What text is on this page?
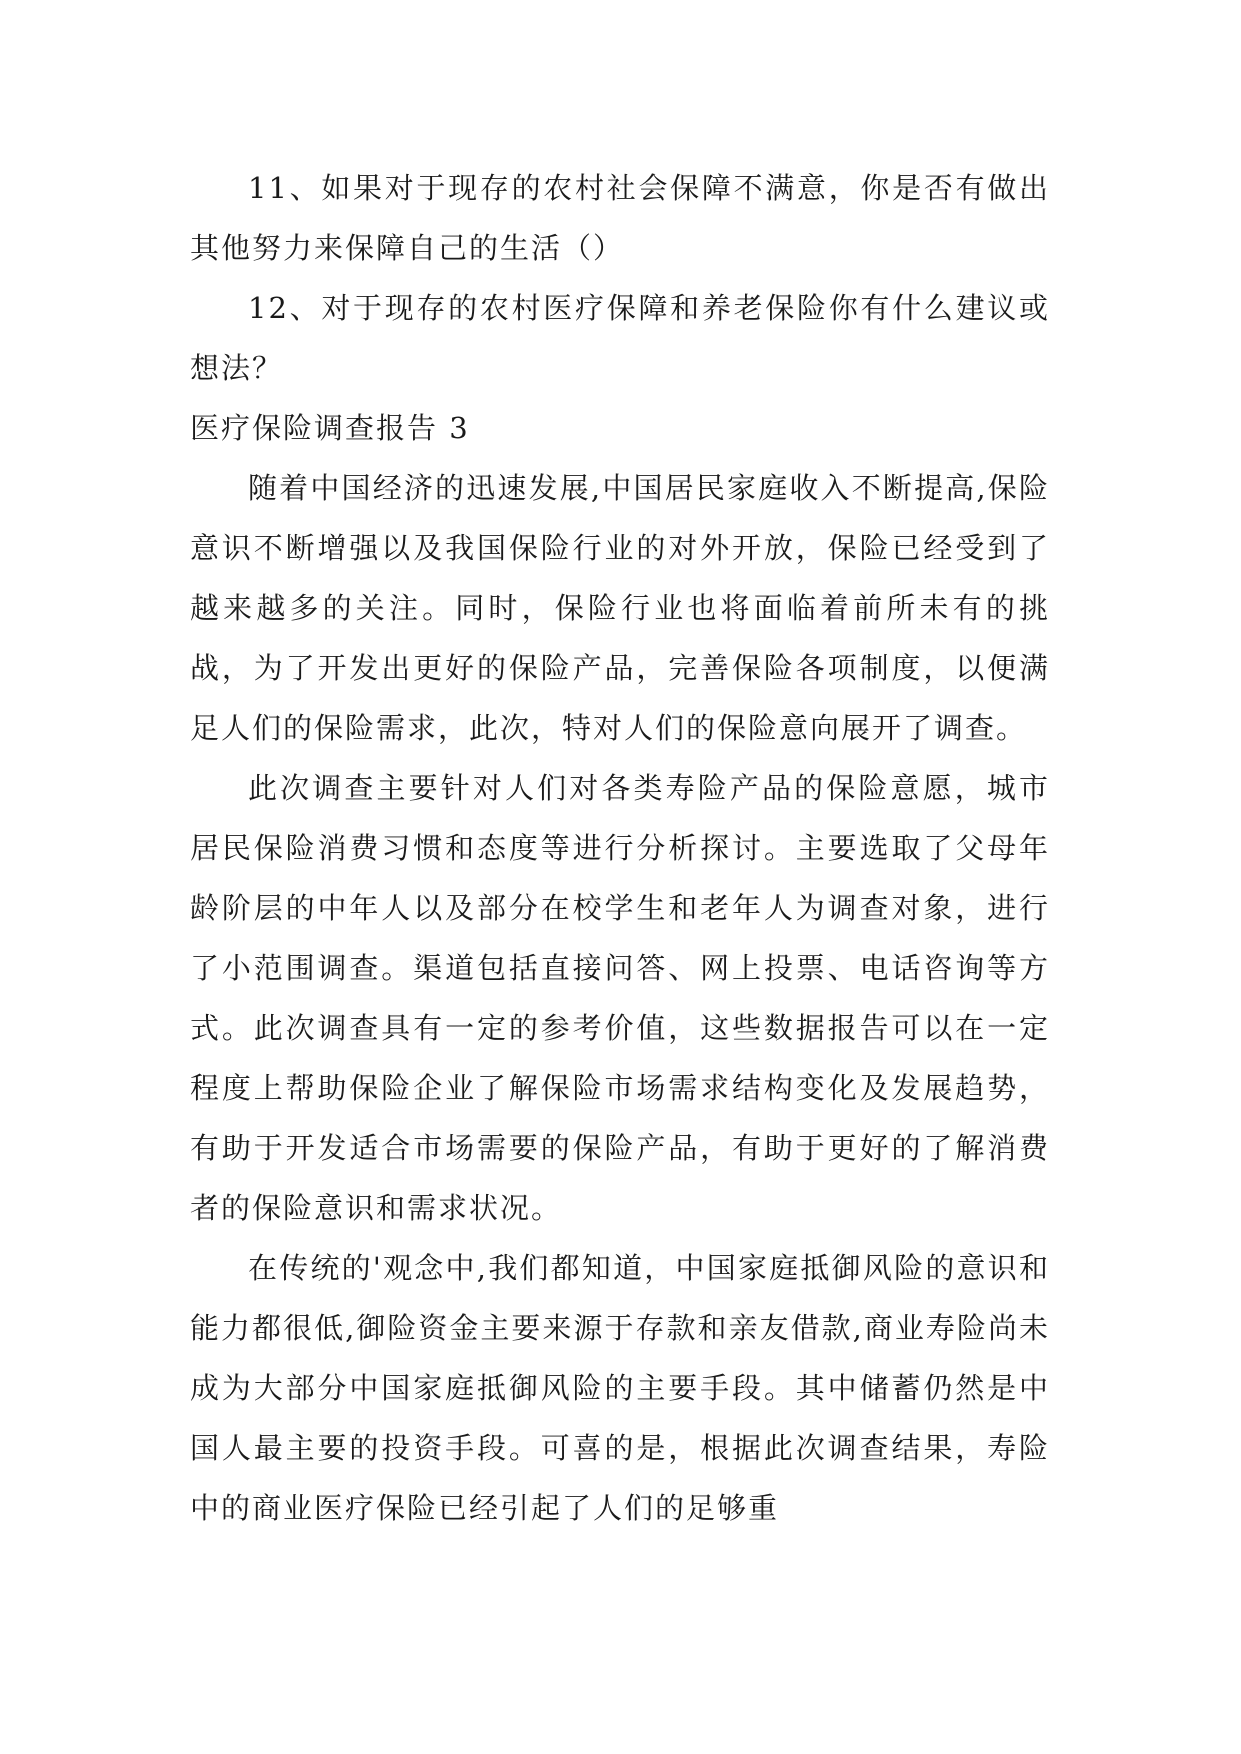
11、如果对于现存的农村社会保障不满意，你是否有做出其他努力来保障自己的生活（）

12、对于现存的农村医疗保障和养老保险你有什么建议或想法？

医疗保险调查报告 3

随着中国经济的迅速发展,中国居民家庭收入不断提高,保险意识不断增强以及我国保险行业的对外开放，保险已经受到了越来越多的关注。同时，保险行业也将面临着前所未有的挑战，为了开发出更好的保险产品，完善保险各项制度，以便满足人们的保险需求，此次，特对人们的保险意向展开了调查。

此次调查主要针对人们对各类寿险产品的保险意愿，城市居民保险消费习惯和态度等进行分析探讨。主要选取了父母年龄阶层的中年人以及部分在校学生和老年人为调查对象，进行了小范围调查。渠道包括直接问答、网上投票、电话咨询等方式。此次调查具有一定的参考价值，这些数据报告可以在一定程度上帮助保险企业了解保险市场需求结构变化及发展趋势，有助于开发适合市场需要的保险产品，有助于更好的了解消费者的保险意识和需求状况。

在传统的'观念中,我们都知道，中国家庭抵御风险的意识和能力都很低,御险资金主要来源于存款和亲友借款,商业寿险尚未成为大部分中国家庭抵御风险的主要手段。其中储蓄仍然是中国人最主要的投资手段。可喜的是，根据此次调查结果，寿险中的商业医疗保险已经引起了人们的足够重
